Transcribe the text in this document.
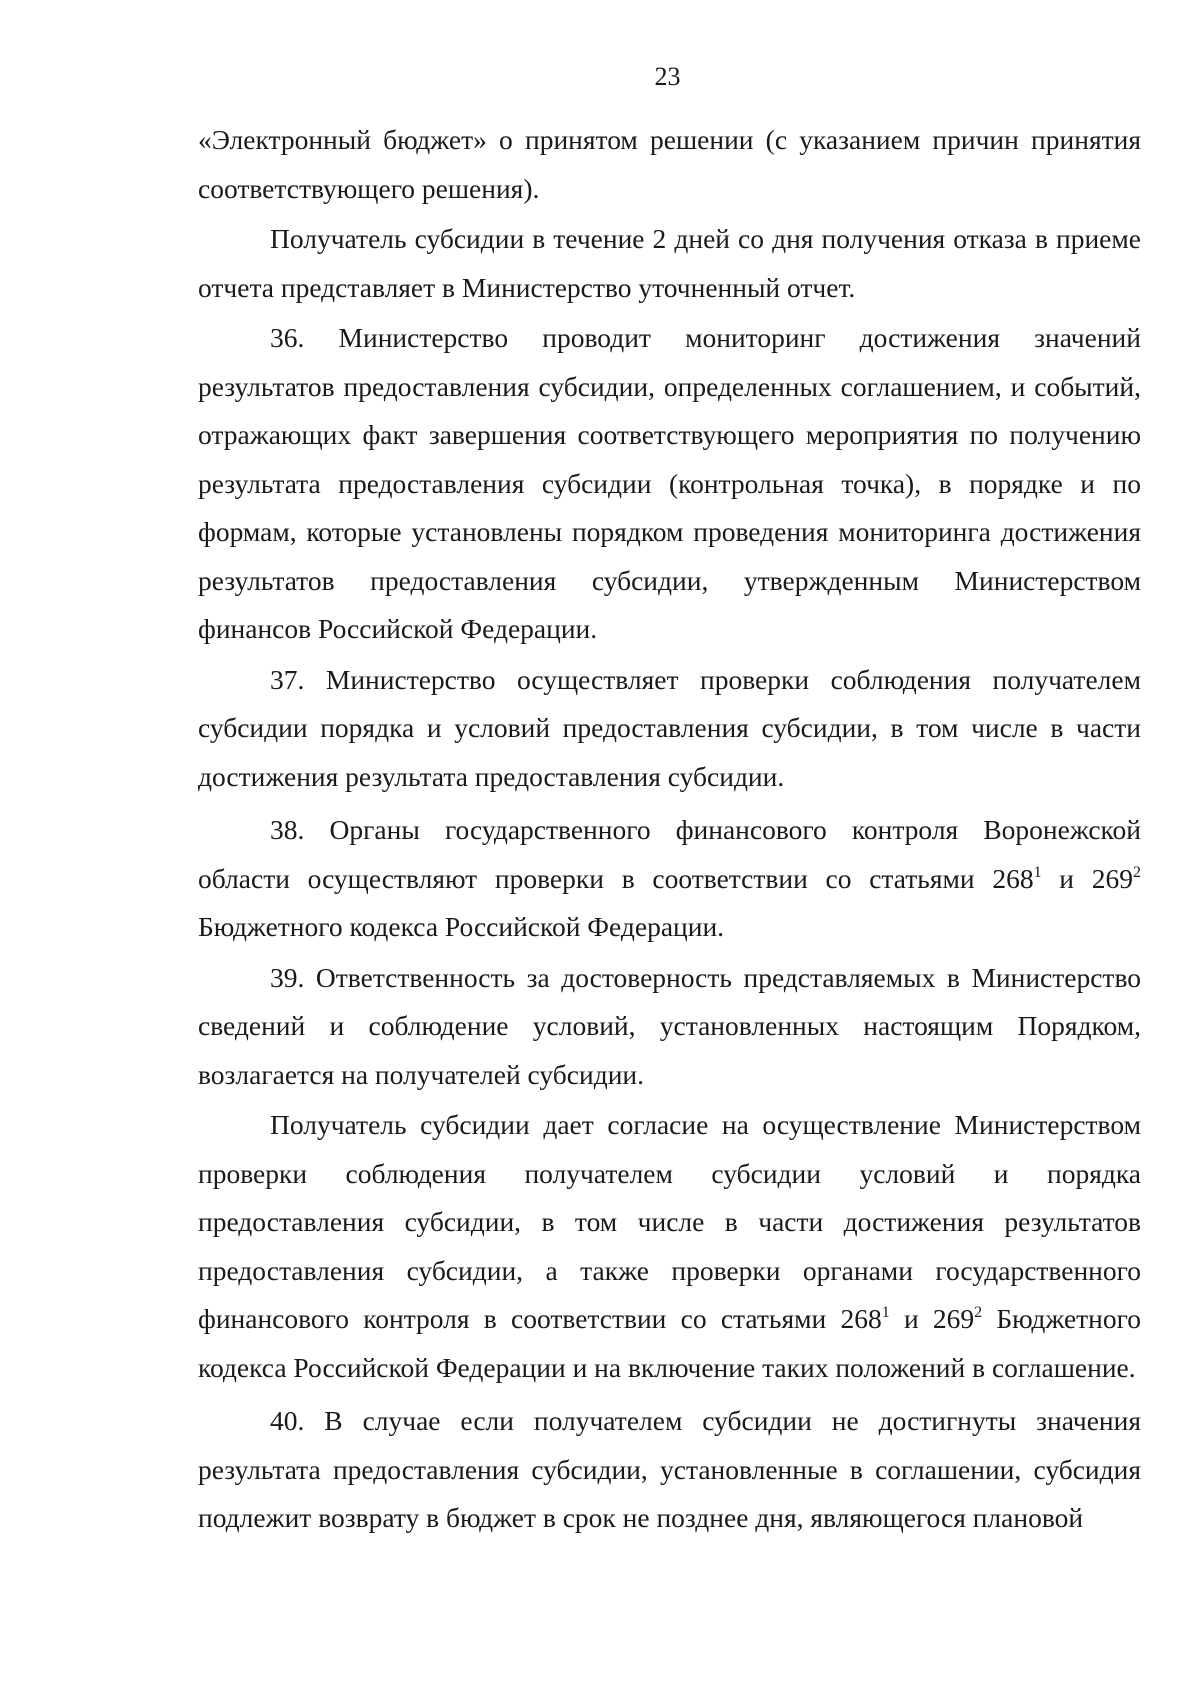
23

«Электронный бюджет» о принятом решении (с указанием причин принятия соответствующего решения).

Получатель субсидии в течение 2 дней со дня получения отказа в приеме отчета представляет в Министерство уточненный отчет.

36. Министерство проводит мониторинг достижения значений результатов предоставления субсидии, определенных соглашением, и событий, отражающих факт завершения соответствующего мероприятия по получению результата предоставления субсидии (контрольная точка), в порядке и по формам, которые установлены порядком проведения мониторинга достижения результатов предоставления субсидии, утвержденным Министерством финансов Российской Федерации.

37. Министерство осуществляет проверки соблюдения получателем субсидии порядка и условий предоставления субсидии, в том числе в части достижения результата предоставления субсидии.

38. Органы государственного финансового контроля Воронежской области осуществляют проверки в соответствии со статьями $268^1$ и $269^2$ Бюджетного кодекса Российской Федерации.

39. Ответственность за достоверность представляемых в Министерство сведений и соблюдение условий, установленных настоящим Порядком, возлагается на получателей субсидии.

Получатель субсидии дает согласие на осуществление Министерством проверки соблюдения получателем субсидии условий и порядка предоставления субсидии, в том числе в части достижения результатов предоставления субсидии, а также проверки органами государственного финансового контроля в соответствии со статьями $268^1$ и $269^2$ Бюджетного кодекса Российской Федерации и на включение таких положений в соглашение.

40. В случае если получателем субсидии не достигнуты значения результата предоставления субсидии, установленные в соглашении, субсидия подлежит возврату в бюджет в срок не позднее дня, являющегося плановой
